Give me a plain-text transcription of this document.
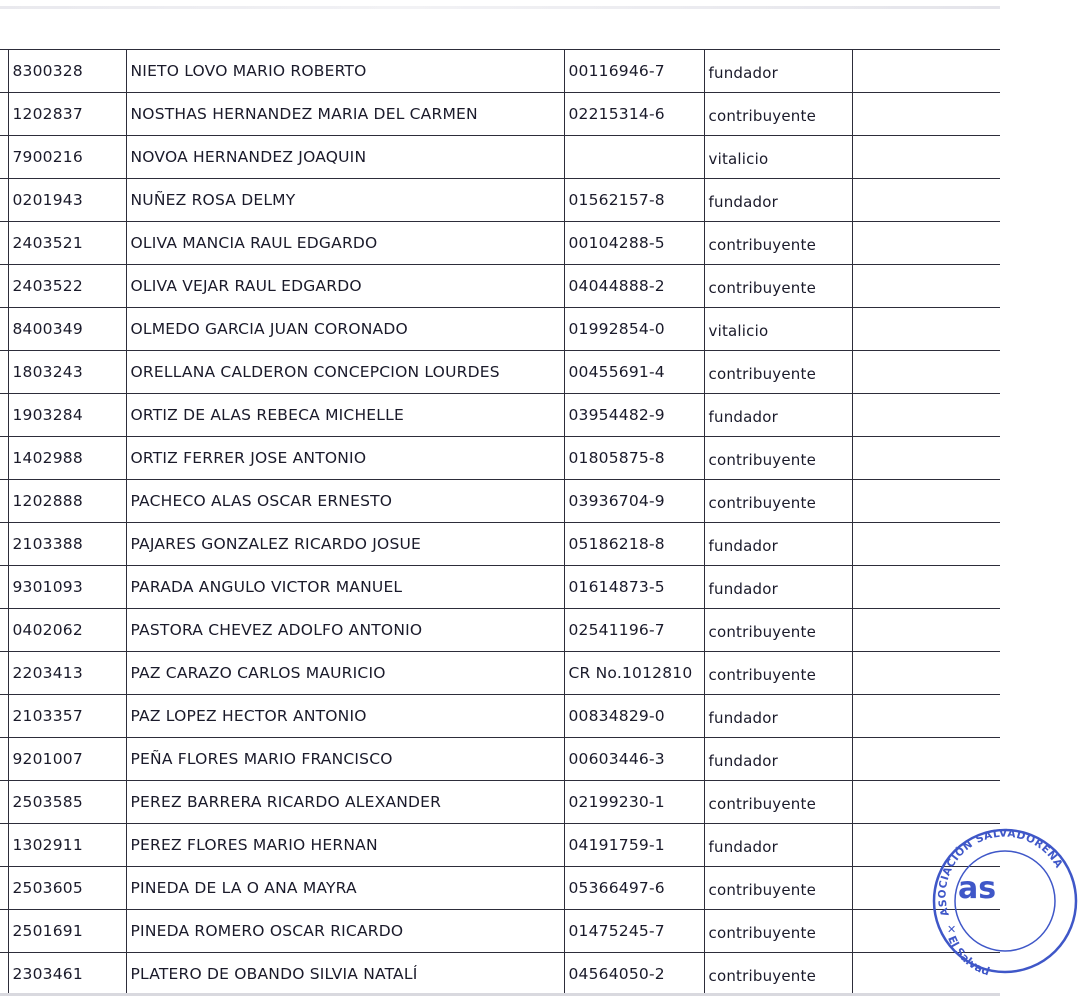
	8300328	NIETO LOVO MARIO ROBERTO	00116946-7	fundador	
	1202837	NOSTHAS HERNANDEZ MARIA DEL CARMEN	02215314-6	contribuyente	
	7900216	NOVOA HERNANDEZ JOAQUIN		vitalicio	
	0201943	NUÑEZ ROSA DELMY	01562157-8	fundador	
	2403521	OLIVA MANCIA RAUL EDGARDO	00104288-5	contribuyente	
	2403522	OLIVA VEJAR RAUL EDGARDO	04044888-2	contribuyente	
	8400349	OLMEDO GARCIA JUAN CORONADO	01992854-0	vitalicio	
	1803243	ORELLANA CALDERON CONCEPCION LOURDES	00455691-4	contribuyente	
	1903284	ORTIZ DE ALAS REBECA MICHELLE	03954482-9	fundador	
	1402988	ORTIZ FERRER JOSE ANTONIO	01805875-8	contribuyente	
	1202888	PACHECO ALAS OSCAR ERNESTO	03936704-9	contribuyente	
	2103388	PAJARES GONZALEZ RICARDO JOSUE	05186218-8	fundador	
	9301093	PARADA ANGULO VICTOR MANUEL	01614873-5	fundador	
	0402062	PASTORA CHEVEZ ADOLFO ANTONIO	02541196-7	contribuyente	
	2203413	PAZ CARAZO CARLOS MAURICIO	CR No.1012810	contribuyente	
	2103357	PAZ LOPEZ HECTOR ANTONIO	00834829-0	fundador	
	9201007	PEÑA FLORES MARIO FRANCISCO	00603446-3	fundador	
	2503585	PEREZ BARRERA RICARDO ALEXANDER	02199230-1	contribuyente	
	1302911	PEREZ FLORES MARIO HERNAN	04191759-1	fundador	
	2503605	PINEDA DE LA O ANA MAYRA	05366497-6	contribuyente	
	2501691	PINEDA ROMERO OSCAR RICARDO	01475245-7	contribuyente	
	2303461	PLATERO DE OBANDO SILVIA NATALÍ	04564050-2	contribuyente	
ASOCIACIÓN SALVADOREÑA
El Salvad
✕
as
